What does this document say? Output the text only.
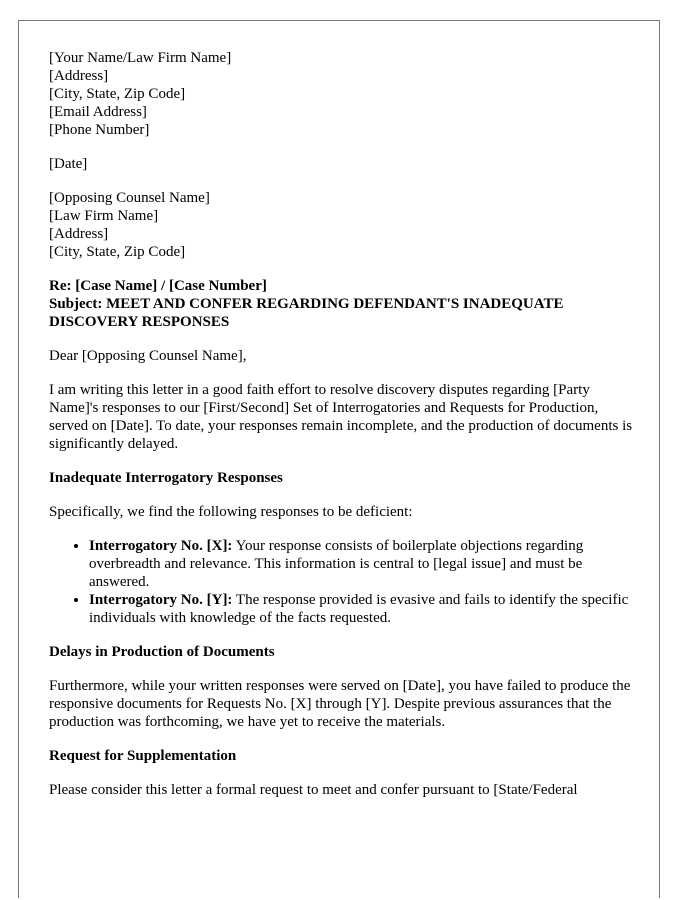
[Your Name/Law Firm Name]
[Address]
[City, State, Zip Code]
[Email Address]
[Phone Number]
[Date]
[Opposing Counsel Name]
[Law Firm Name]
[Address]
[City, State, Zip Code]
Re: [Case Name] / [Case Number]
Subject: MEET AND CONFER REGARDING DEFENDANT'S INADEQUATE DISCOVERY RESPONSES

Dear [Opposing Counsel Name],

I am writing this letter in a good faith effort to resolve discovery disputes regarding [Party Name]'s responses to our [First/Second] Set of Interrogatories and Requests for Production, served on [Date]. To date, your responses remain incomplete, and the production of documents is significantly delayed.

Inadequate Interrogatory Responses

Specifically, we find the following responses to be deficient:

• Interrogatory No. [X]: Your response consists of boilerplate objections regarding overbreadth and relevance. This information is central to [legal issue] and must be answered.
• Interrogatory No. [Y]: The response provided is evasive and fails to identify the specific individuals with knowledge of the facts requested.
Delays in Production of Documents

Furthermore, while your written responses were served on [Date], you have failed to produce the responsive documents for Requests No. [X] through [Y]. Despite previous assurances that the production was forthcoming, we have yet to receive the materials.

Request for Supplementation

Please consider this letter a formal request to meet and confer pursuant to [State/Federal
